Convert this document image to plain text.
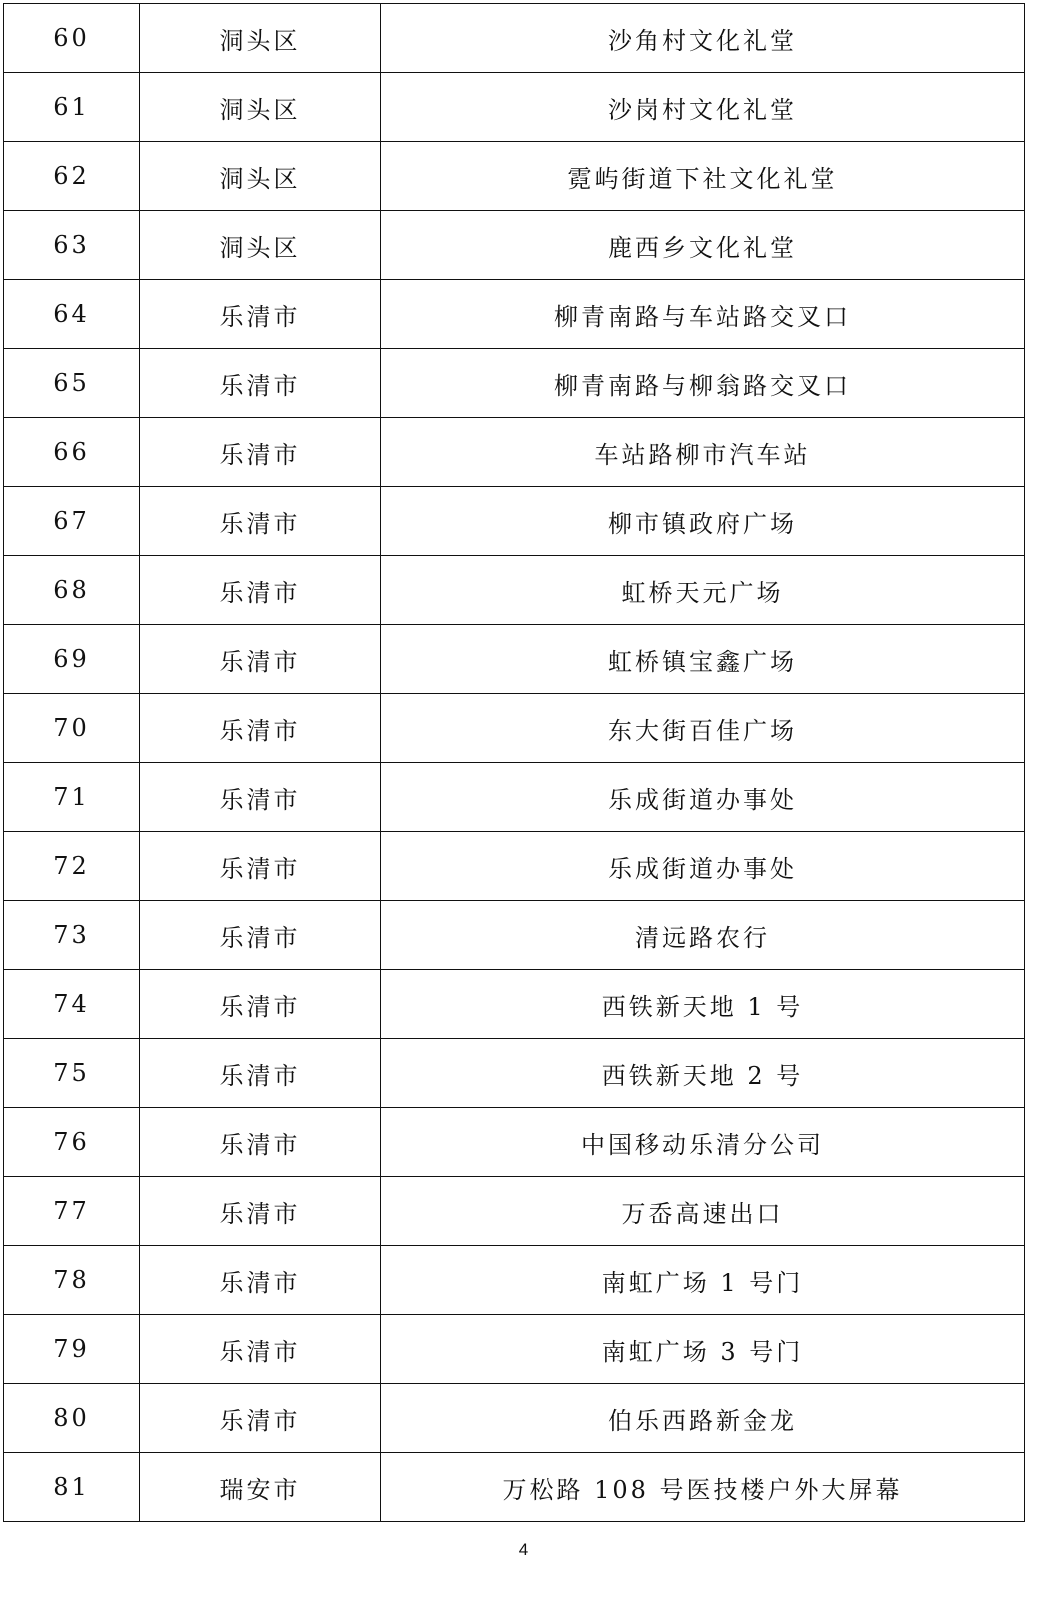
60	洞头区	沙角村文化礼堂
61	洞头区	沙岗村文化礼堂
62	洞头区	霓屿街道下社文化礼堂
63	洞头区	鹿西乡文化礼堂
64	乐清市	柳青南路与车站路交叉口
65	乐清市	柳青南路与柳翁路交叉口
66	乐清市	车站路柳市汽车站
67	乐清市	柳市镇政府广场
68	乐清市	虹桥天元广场
69	乐清市	虹桥镇宝鑫广场
70	乐清市	东大街百佳广场
71	乐清市	乐成街道办事处
72	乐清市	乐成街道办事处
73	乐清市	清远路农行
74	乐清市	西铁新天地 1 号
75	乐清市	西铁新天地 2 号
76	乐清市	中国移动乐清分公司
77	乐清市	万岙高速出口
78	乐清市	南虹广场 1 号门
79	乐清市	南虹广场 3 号门
80	乐清市	伯乐西路新金龙
81	瑞安市	万松路 108 号医技楼户外大屏幕
4
